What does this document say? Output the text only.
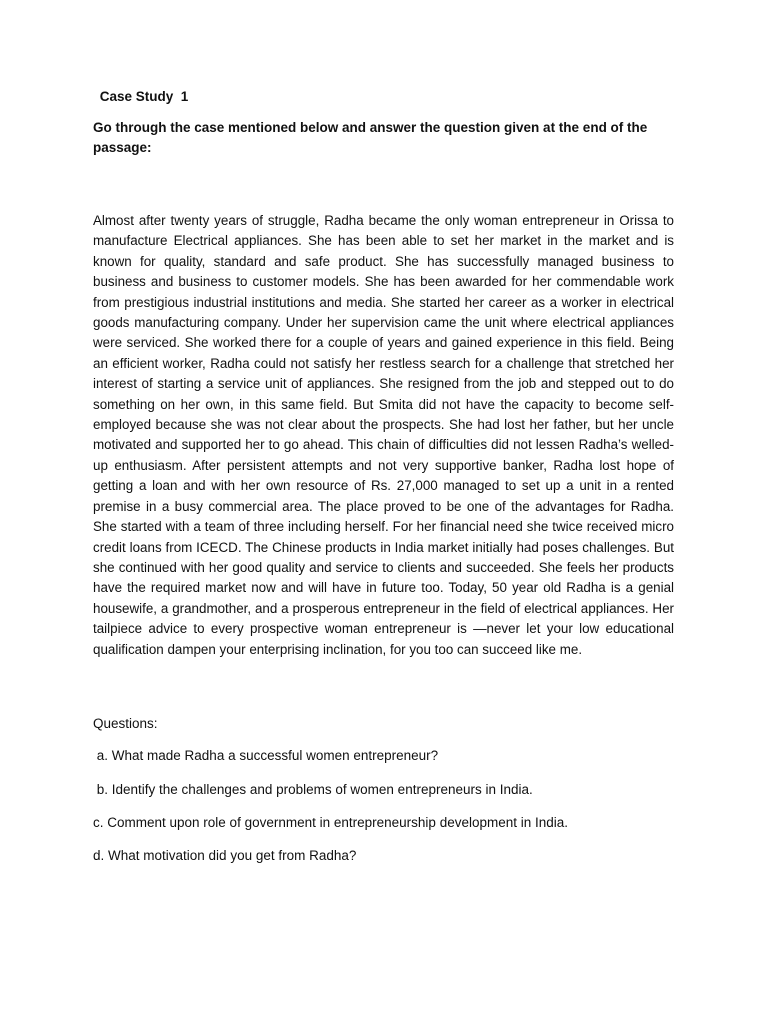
Case Study  1
Go through the case mentioned below and answer the question given at the end of the passage:

Almost after twenty years of struggle, Radha became the only woman entrepreneur in Orissa to manufacture Electrical appliances. She has been able to set her market in the market and is known for quality, standard and safe product. She has successfully managed business to business and business to customer models. She has been awarded for her commendable work from prestigious industrial institutions and media. She started her career as a worker in electrical goods manufacturing company. Under her supervision came the unit where electrical appliances were serviced. She worked there for a couple of years and gained experience in this field. Being an efficient worker, Radha could not satisfy her restless search for a challenge that stretched her interest of starting a service unit of appliances. She resigned from the job and stepped out to do something on her own, in this same field. But Smita did not have the capacity to become self-employed because she was not clear about the prospects. She had lost her father, but her uncle motivated and supported her to go ahead. This chain of difficulties did not lessen Radha’s welled-up enthusiasm. After persistent attempts and not very supportive banker, Radha lost hope of getting a loan and with her own resource of Rs. 27,000 managed to set up a unit in a rented premise in a busy commercial area. The place proved to be one of the advantages for Radha. She started with a team of three including herself. For her financial need she twice received micro credit loans from ICECD. The Chinese products in India market initially had poses challenges. But she continued with her good quality and service to clients and succeeded. She feels her products have the required market now and will have in future too. Today, 50 year old Radha is a genial housewife, a grandmother, and a prosperous entrepreneur in the field of electrical appliances. Her tailpiece advice to every prospective woman entrepreneur is ―never let your low educational qualification dampen your enterprising inclination, for you too can succeed like me.

Questions:
a. What made Radha a successful women entrepreneur?
b. Identify the challenges and problems of women entrepreneurs in India.
c. Comment upon role of government in entrepreneurship development in India.
d. What motivation did you get from Radha?
